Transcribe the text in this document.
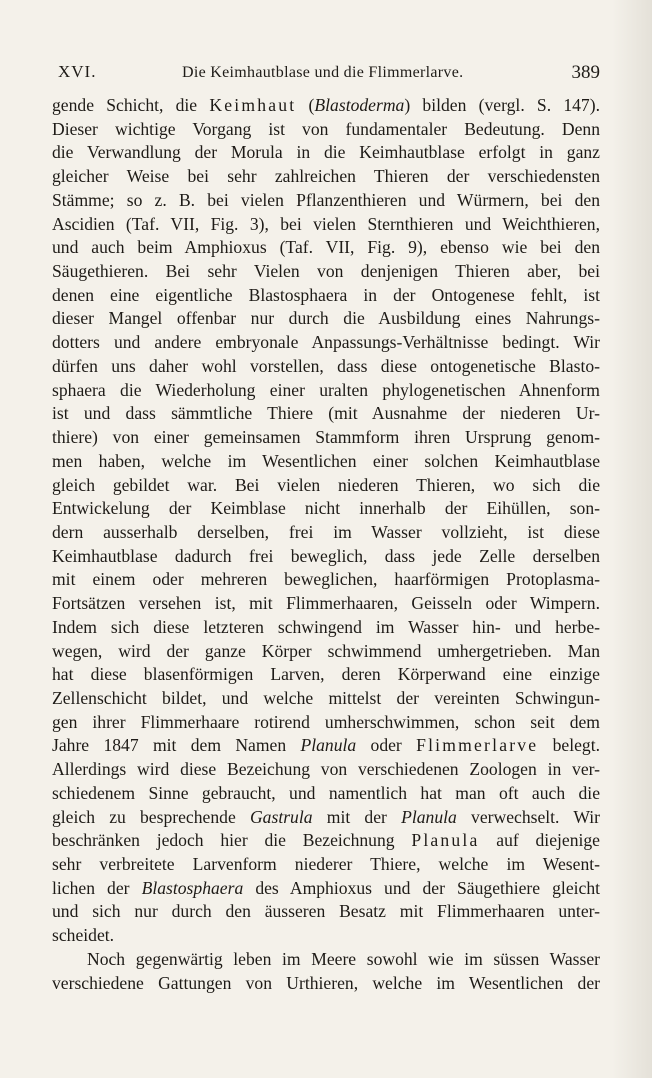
XVI.	Die Keimhautblase und die Flimmerlarve.	389
gende Schicht, die Keimhaut (Blastoderma) bilden (vergl. S. 147).
Dieser wichtige Vorgang ist von fundamentaler Bedeutung. Denn
die Verwandlung der Morula in die Keimhautblase erfolgt in ganz
gleicher Weise bei sehr zahlreichen Thieren der verschiedensten
Stämme; so z. B. bei vielen Pflanzenthieren und Würmern, bei den
Ascidien (Taf. VII, Fig. 3), bei vielen Sternthieren und Weichthieren,
und auch beim Amphioxus (Taf. VII, Fig. 9), ebenso wie bei den
Säugethieren. Bei sehr Vielen von denjenigen Thieren aber, bei
denen eine eigentliche Blastosphaera in der Ontogenese fehlt, ist
dieser Mangel offenbar nur durch die Ausbildung eines Nahrungs-
dotters und andere embryonale Anpassungs-Verhältnisse bedingt. Wir
dürfen uns daher wohl vorstellen, dass diese ontogenetische Blasto-
sphaera die Wiederholung einer uralten phylogenetischen Ahnenform
ist und dass sämmtliche Thiere (mit Ausnahme der niederen Ur-
thiere) von einer gemeinsamen Stammform ihren Ursprung genom-
men haben, welche im Wesentlichen einer solchen Keimhautblase
gleich gebildet war. Bei vielen niederen Thieren, wo sich die
Entwickelung der Keimblase nicht innerhalb der Eihüllen, son-
dern ausserhalb derselben, frei im Wasser vollzieht, ist diese
Keimhautblase dadurch frei beweglich, dass jede Zelle derselben
mit einem oder mehreren beweglichen, haarförmigen Protoplasma-
Fortsätzen versehen ist, mit Flimmerhaaren, Geisseln oder Wimpern.
Indem sich diese letzteren schwingend im Wasser hin- und herbe-
wegen, wird der ganze Körper schwimmend umhergetrieben. Man
hat diese blasenförmigen Larven, deren Körperwand eine einzige
Zellenschicht bildet, und welche mittelst der vereinten Schwingun-
gen ihrer Flimmerhaare rotirend umherschwimmen, schon seit dem
Jahre 1847 mit dem Namen Planula oder Flimmerlarve belegt.
Allerdings wird diese Bezeichung von verschiedenen Zoologen in ver-
schiedenem Sinne gebraucht, und namentlich hat man oft auch die
gleich zu besprechende Gastrula mit der Planula verwechselt. Wir
beschränken jedoch hier die Bezeichnung Planula auf diejenige
sehr verbreitete Larvenform niederer Thiere, welche im Wesent-
lichen der Blastosphaera des Amphioxus und der Säugethiere gleicht
und sich nur durch den äusseren Besatz mit Flimmerhaaren unter-
scheidet.
Noch gegenwärtig leben im Meere sowohl wie im süssen Wasser
verschiedene Gattungen von Urthieren, welche im Wesentlichen der
